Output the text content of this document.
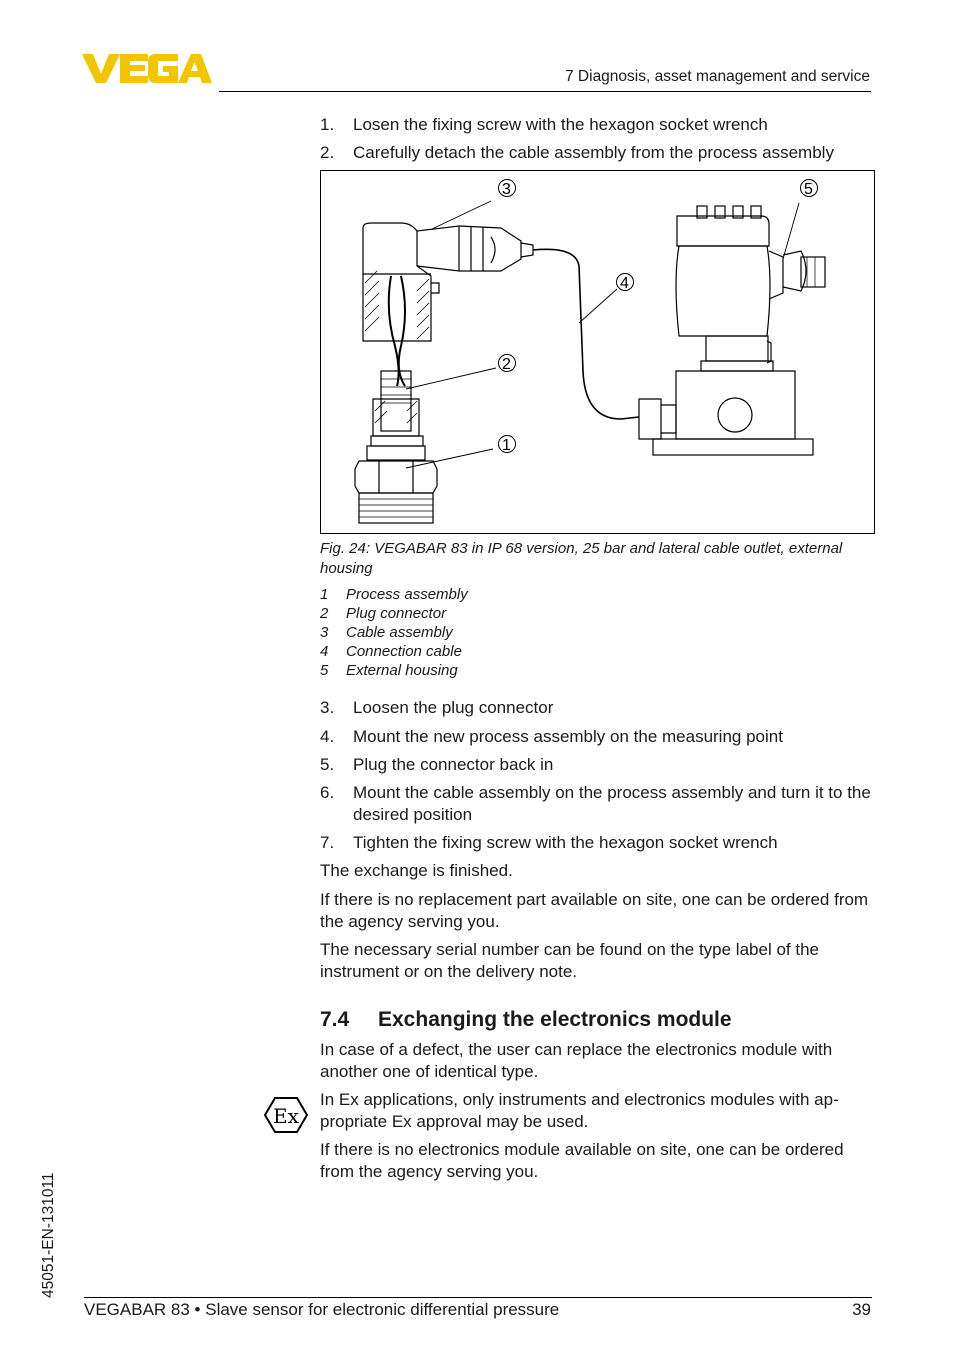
7 Diagnosis, asset management and service
1. Losen the fixing screw with the hexagon socket wrench
2. Carefully detach the cable assembly from the process assembly
3	5
4
2
1
Fig. 24: VEGABAR 83 in IP 68 version, 25 bar and lateral cable outlet, external housing
1 Process assembly
2 Plug connector
3 Cable assembly
4 Connection cable
5 External housing
3. Loosen the plug connector
4. Mount the new process assembly on the measuring point
5. Plug the connector back in
6. Mount the cable assembly on the process assembly and turn it to the desired position
7. Tighten the fixing screw with the hexagon socket wrench
The exchange is finished.
If there is no replacement part available on site, one can be ordered from the agency serving you.
The necessary serial number can be found on the type label of the instrument or on the delivery note.
7.4 Exchanging the electronics module
In case of a defect, the user can replace the electronics module with another one of identical type.
In Ex applications, only instruments and electronics modules with ap-propriate Ex approval may be used.
If there is no electronics module available on site, one can be ordered from the agency serving you.
Ex
45051-EN-131011
VEGABAR 83 • Slave sensor for electronic differential pressure	39
